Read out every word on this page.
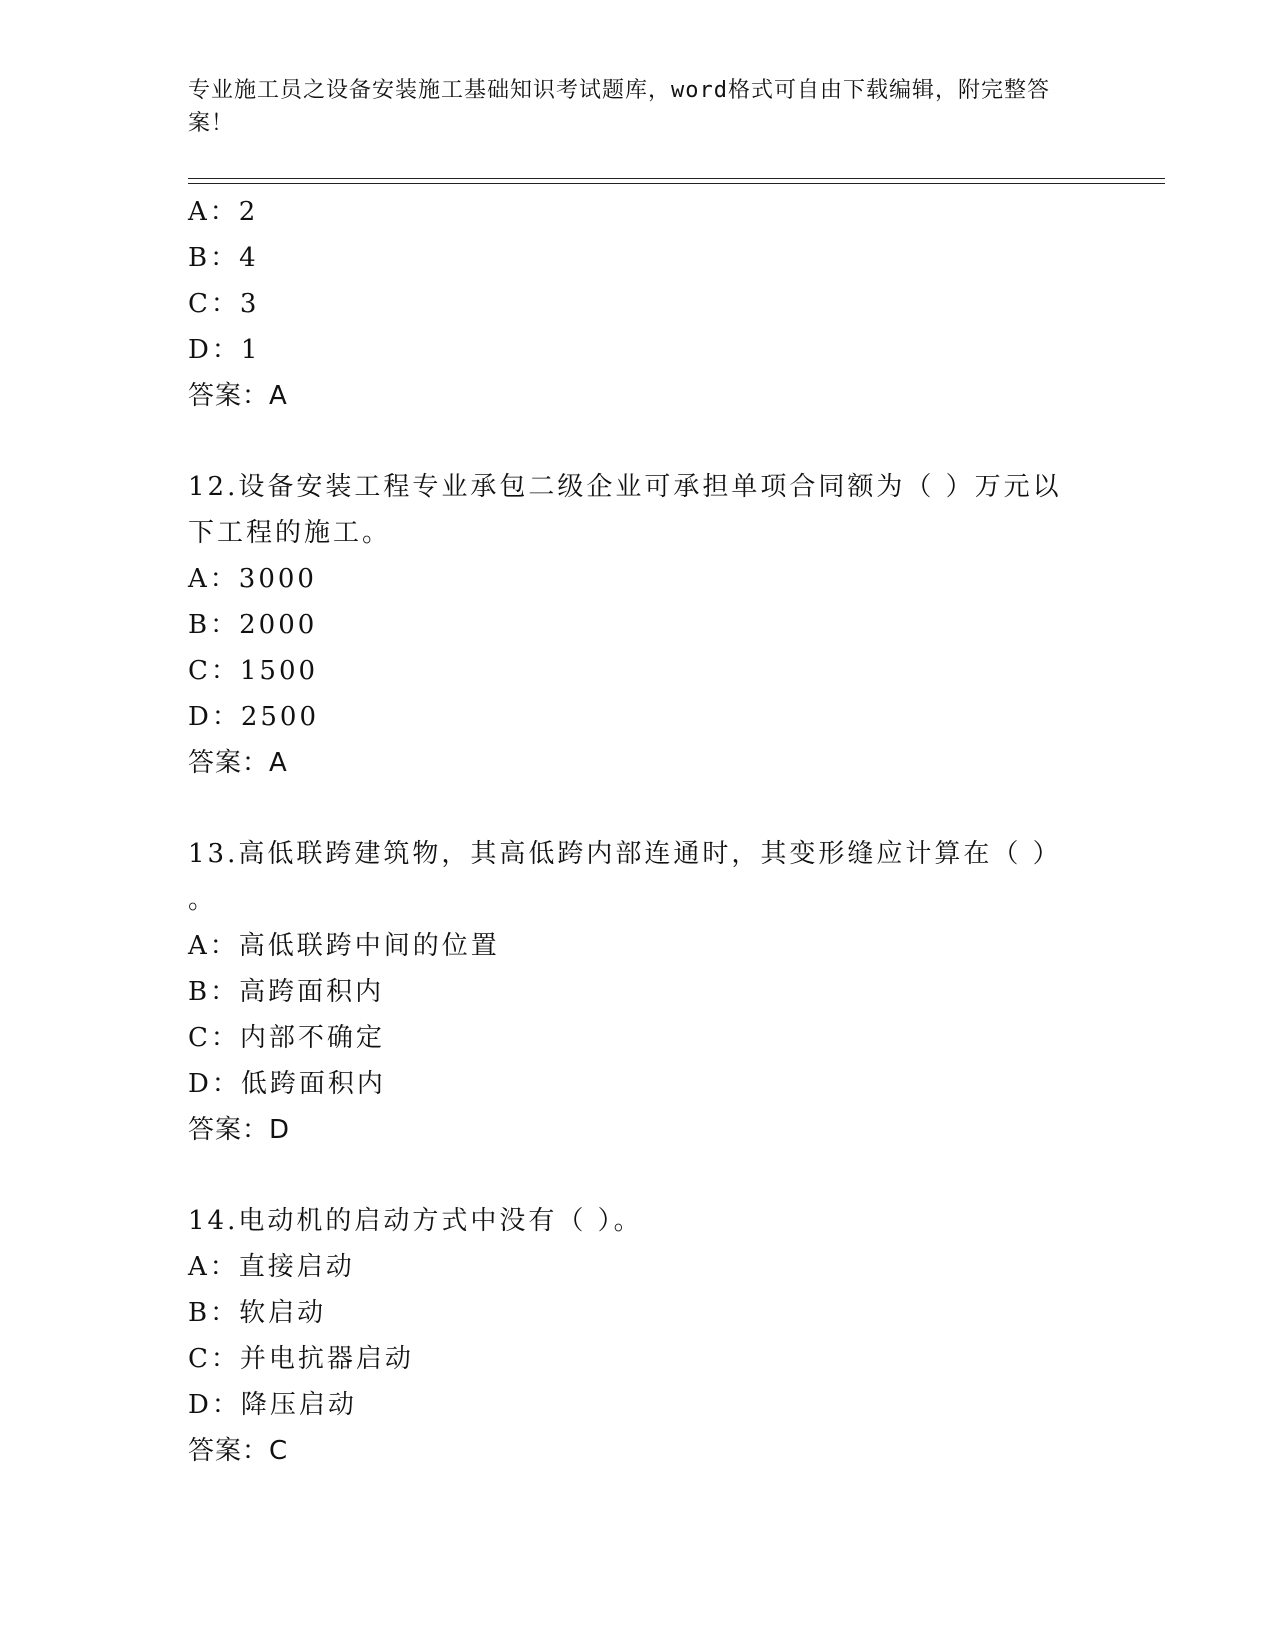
专业施工员之设备安装施工基础知识考试题库，word格式可自由下载编辑，附完整答案！
A：2
B：4
C：3
D：1
答案：A
12.设备安装工程专业承包二级企业可承担单项合同额为（ ）万元以
下工程的施工。
A：3000
B：2000
C：1500
D：2500
答案：A
13.高低联跨建筑物，其高低跨内部连通时，其变形缝应计算在（ ）
。
A：高低联跨中间的位置
B：高跨面积内
C：内部不确定
D：低跨面积内
答案：D
14.电动机的启动方式中没有（ ）。
A：直接启动
B：软启动
C：并电抗器启动
D：降压启动
答案：C
